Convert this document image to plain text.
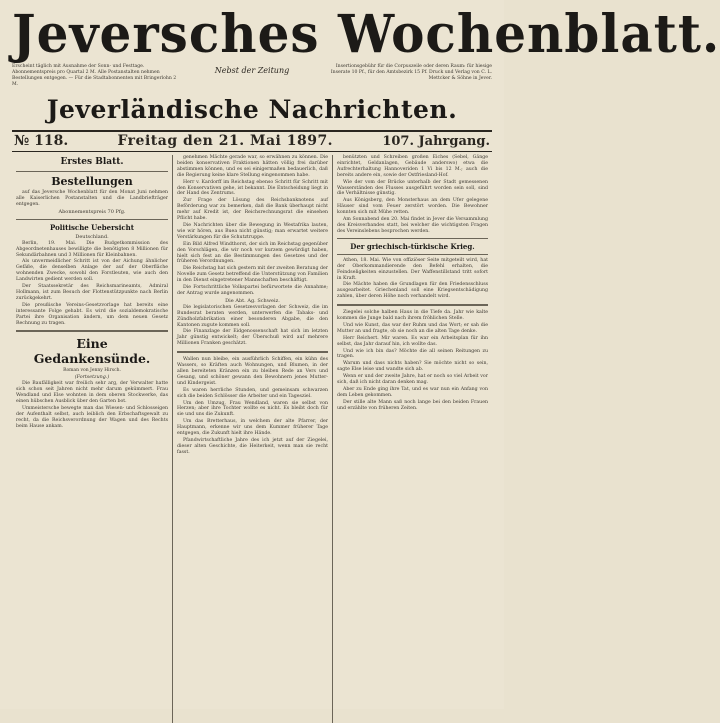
Jeversches Wochenblatt.
Erscheint täglich mit Ausnahme der Sonn- und Festtage. Abonnementspreis pro Quartal 2 M. Alle Postanstalten nehmen Bestellungen entgegen. — Für die Stadtabonnenten mit Bringerlohn 2 M.
Nebst der Zeitung	Insertionsgebühr für die Corpuszeile oder deren Raum: für hiesige Inserate 10 Pf., für den Amtsbezirk 15 Pf. Druck und Verlag von C. L. Mettcker & Söhne in Jever.
Jeverländische Nachrichten.
№ 118.	Freitag den 21. Mai 1897.	107. Jahrgang.
Erstes Blatt.
Bestellungen

auf das Jeversche Wochenblatt für den Monat Juni nehmen alle Kaiserlichen Postanstalten und die Landbriefträger entgegen.

Abonnementspreis 70 Pfg.
Politische Uebersicht
Deutschland.

Berlin, 19. Mai. Die Budgetkommission des Abgeordnetenhauses bewilligte die benötigten 8 Millionen für Sekundärbahnen und 3 Millionen für Kleinbahnen.

Als unvermeidlicher Schritt ist von der Aichung ähnlicher Gefäße, die denselben Anlage der auf der Oberfläche wohnenden Zwecke, sowohl den Forstleuten, wie auch den Landwirten gedient werden soll.

Der Staatssekretär des Reichsmarineamts, Admiral Hollmann, ist zum Besuch der Flottenstützpunkte nach Berlin zurückgekehrt.

Die preußische Vereins-Gesetzvorlage hat bereits eine interessante Folge gehabt. Es wird die sozialdemokratische Partei ihre Organisation ändern, um dem neuen Gesetz Rechnung zu tragen.

Eine Gedankensünde.
Roman von Jenny Hirsch.
(Fortsetzung.)

Die Baufälligkeit war freilich sehr arg, der Verwalter hatte sich schon seit Jahren nicht mehr darum gekümmert. Frau Wendland und Else wohnten in dem oberen Stockwerke, das einen hübschen Ausblick über den Garten bot.

Ummeistersche bewegte man das Wiesen- und Schlosseigen der Aufenthalt selbst, auch leiblich den Erbschaftsgewalt zu recht, da die Reichsverordnung der Wagen und des Rechts beim Hause ankam.

genehmen Mächte gerade war, so erwähnen zu können. Die beiden konservativen Fraktionen hätten völlig frei darüber abstimmen können, und es sei einigermaßen bedauerlich, daß die Regierung keine klare Stellung eingenommen habe.

Herr v. Kardorff im Reichstag ebenso Schritt für Schritt mit den Konservativen gehe, ist bekannt. Die Entscheidung liegt in der Hand des Zentrums.

Zur Frage der Lösung des Reichsbanknotens auf Beförderung war zu bemerken, daß die Bank überhaupt nicht mehr auf Kredit ist, der Reichsrechnungsrat die einsehen Pflicht habe.

Die Nachrichten über die Bewegung in Westafrika lauten, wie wir hören, aus Buea nicht günstig; man erwartet weitere Verstärkungen für die Schutztruppe.

Ein Bild Alfred Windthorst, der sich im Reichstag gegenüber den Vorschlägen, die wir noch vor kurzem gewürdigt haben, hielt sich fest an die Bestimmungen des Gesetzes und der früheren Verordnungen.

Die Reichstag hat sich gestern mit der zweiten Beratung der Novelle zum Gesetz betreffend die Unterstützung von Familien in den Dienst eingetretener Mannschaften beschäftigt.

Die Fortschrittliche Volkspartei befürwortete die Annahme; der Antrag wurde angenommen.

Die Abt. Ag. Schweiz.

Die legislatorischen Gesetzesvorlagen der Schweiz, die im Bundesrat beraten werden, unterwerfen die Tabaks- und Zündholzfabrikation einer besonderen Abgabe, die den Kantonen zugute kommen soll.

Die Finanzlage der Eidgenossenschaft hat sich im letzten Jahr günstig entwickelt; der Überschuß wird auf mehrere Millionen Franken geschätzt.

Wallen nun bleibe, ein ausführlich Schiffen, ein kühn des Wassers, so Kräften auch Wohnungen, und Blumen, in der allen bereiteten Kränzen ein zu bleiben Rede an Vers und Gesang, und schöner gewann den Bewohnern jenes Mutter- und Kindergeist.

Es waren herrliche Stunden, und gemeinsam schwarzen sich die beiden Schlösser die Arbeiter und ein Tagesziel.

Um den Umzug, Frau Wendland, waren sie selbst von Herzen; aber ihre Tochter wollte es nicht. Es bleibt doch für sie und uns die Zukunft.

Um das Bretterhaus, in welchem der alte Pfarrer, der Hauptmann, erkenne wir uns dem Kummer früherer Tage entgegen, die Zukunft hielt ihre Hände.

Pfandwirtschaftliche Jahre des ich jetzt auf der Ziegelei, dieser alten Geschichte, die Heiterkeit, wenn man sie recht fasst.

benützten und Schreiben großen Eiches (Sebel, Gänge einrichtet, Geldanlagen, Gebäude anderswo) etwa die Aufrechterhaltung Hannoveriden 1 Vi bis 12 M.; auch die bereits andere ein, sowie der Ostfriesland-Hof.

Wie der vom der Brücke unterhalb der Stadt gemessenen Wasserständen des Flusses ausgeführt worden sein soll, sind die Verhältnisse günstig.

Aus Königsberg, den Monsterhaus an dem Ufer gelegene Häuser sind vom Feuer zerstört worden. Die Bewohner konnten sich mit Mühe retten.

Am Sonnabend den 20. Mai findet in Jever die Versammlung des Kreisverbandes statt, bei welcher die wichtigsten Fragen des Vereinslebens besprochen werden.

Der griechisch-türkische Krieg.

Athen, 18. Mai. Wie von offiziöser Seite mitgeteilt wird, hat der Oberkommandierende den Befehl erhalten, die Feindseligkeiten einzustellen. Der Waffenstillstand tritt sofort in Kraft.

Die Mächte haben die Grundlagen für den Friedensschluss ausgearbeitet. Griechenland soll eine Kriegsentschädigung zahlen, über deren Höhe noch verhandelt wird.

Ziegelei solche halben Haus in die Tiefe da. Jahr wie kalte kommen die Junge bald nach ihrem fröhlichen Stelle.

Und wie Kunst, das war der Ruhm und das Wort; er sah die Mutter an und fragte, ob sie noch an die alten Tage denke.

Herr Reichert. Mir waren. Es war ein Arbeitsplan für ihn selbst, das Jahr darauf hin, ich wollte das.

Und wie ich bin das? Möchte die all seinen Reitungen zu tragen.

Warum und dass nichts haben? Sie möchte nicht so sein, sagte Else leise und wandte sich ab.

Wenn er und der zweite Jahre, hat er noch so viel Arbeit vor sich, daß ich nicht daran denken mag.

Aber zu Ende ging ihre Tat, und es war nun ein Anfang von dem Leben gekommen.

Der stille alte Mann saß noch lange bei den beiden Frauen und erzählte von früheren Zeiten.
